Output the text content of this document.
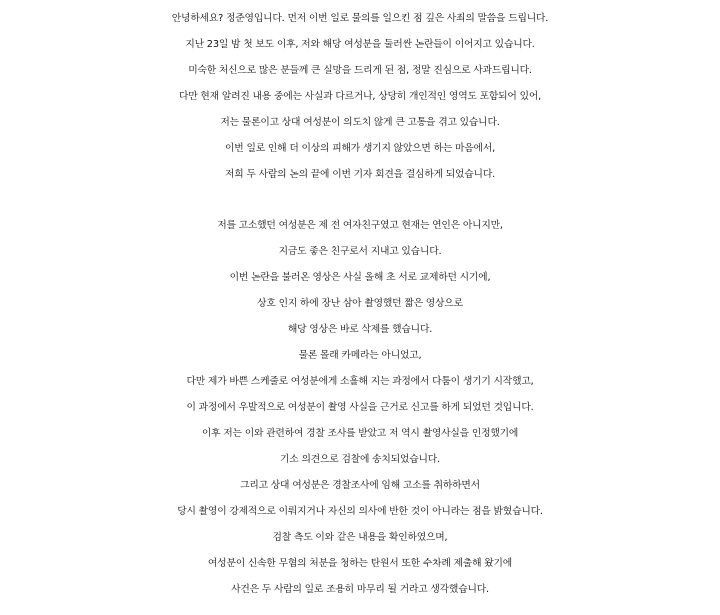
안녕하세요? 정준영입니다. 먼저 이번 일로 물의를 일으킨 점 깊은 사죄의 말씀을 드립니다.
지난 23일 밤 첫 보도 이후, 저와 해당 여성분을 둘러싼 논란들이 이어지고 있습니다.
미숙한 처신으로 많은 분들께 큰 실망을 드리게 된 점, 정말 진심으로 사과드립니다.
다만 현재 알려진 내용 중에는 사실과 다르거나, 상당히 개인적인 영역도 포함되어 있어,
저는 물론이고 상대 여성분이 의도치 않게 큰 고통을 겪고 있습니다.
이번 일로 인해 더 이상의 피해가 생기지 않았으면 하는 마음에서,
저희 두 사람의 논의 끝에 이번 기자 회견을 결심하게 되었습니다.
저를 고소했던 여성분은 제 전 여자친구였고 현재는 연인은 아니지만,
지금도 좋은 친구로서 지내고 있습니다.
이번 논란을 불러온 영상은 사실 올해 초 서로 교제하던 시기에,
상호 인지 하에 장난 삼아 촬영했던 짧은 영상으로
해당 영상은 바로 삭제를 했습니다.
물론 몰래 카메라는 아니었고,
다만 제가 바쁜 스케줄로 여성분에게 소홀해 지는 과정에서 다툼이 생기기 시작했고,
이 과정에서 우발적으로 여성분이 촬영 사실을 근거로 신고를 하게 되었던 것입니다.
이후 저는 이와 관련하여 경찰 조사를 받았고 저 역시 촬영사실을 인정했기에
기소 의견으로 검찰에 송치되었습니다.
그리고 상대 여성분은 경찰조사에 임해 고소를 취하하면서
당시 촬영이 강제적으로 이뤄지거나 자신의 의사에 반한 것이 아니라는 점을 밝혔습니다.
검찰 측도 이와 같은 내용을 확인하였으며,
여성분이 신속한 무혐의 처분을 청하는 탄원서 또한 수차례 제출해 왔기에
사건은 두 사람의 일로 조용히 마무리 될 거라고 생각했습니다.
